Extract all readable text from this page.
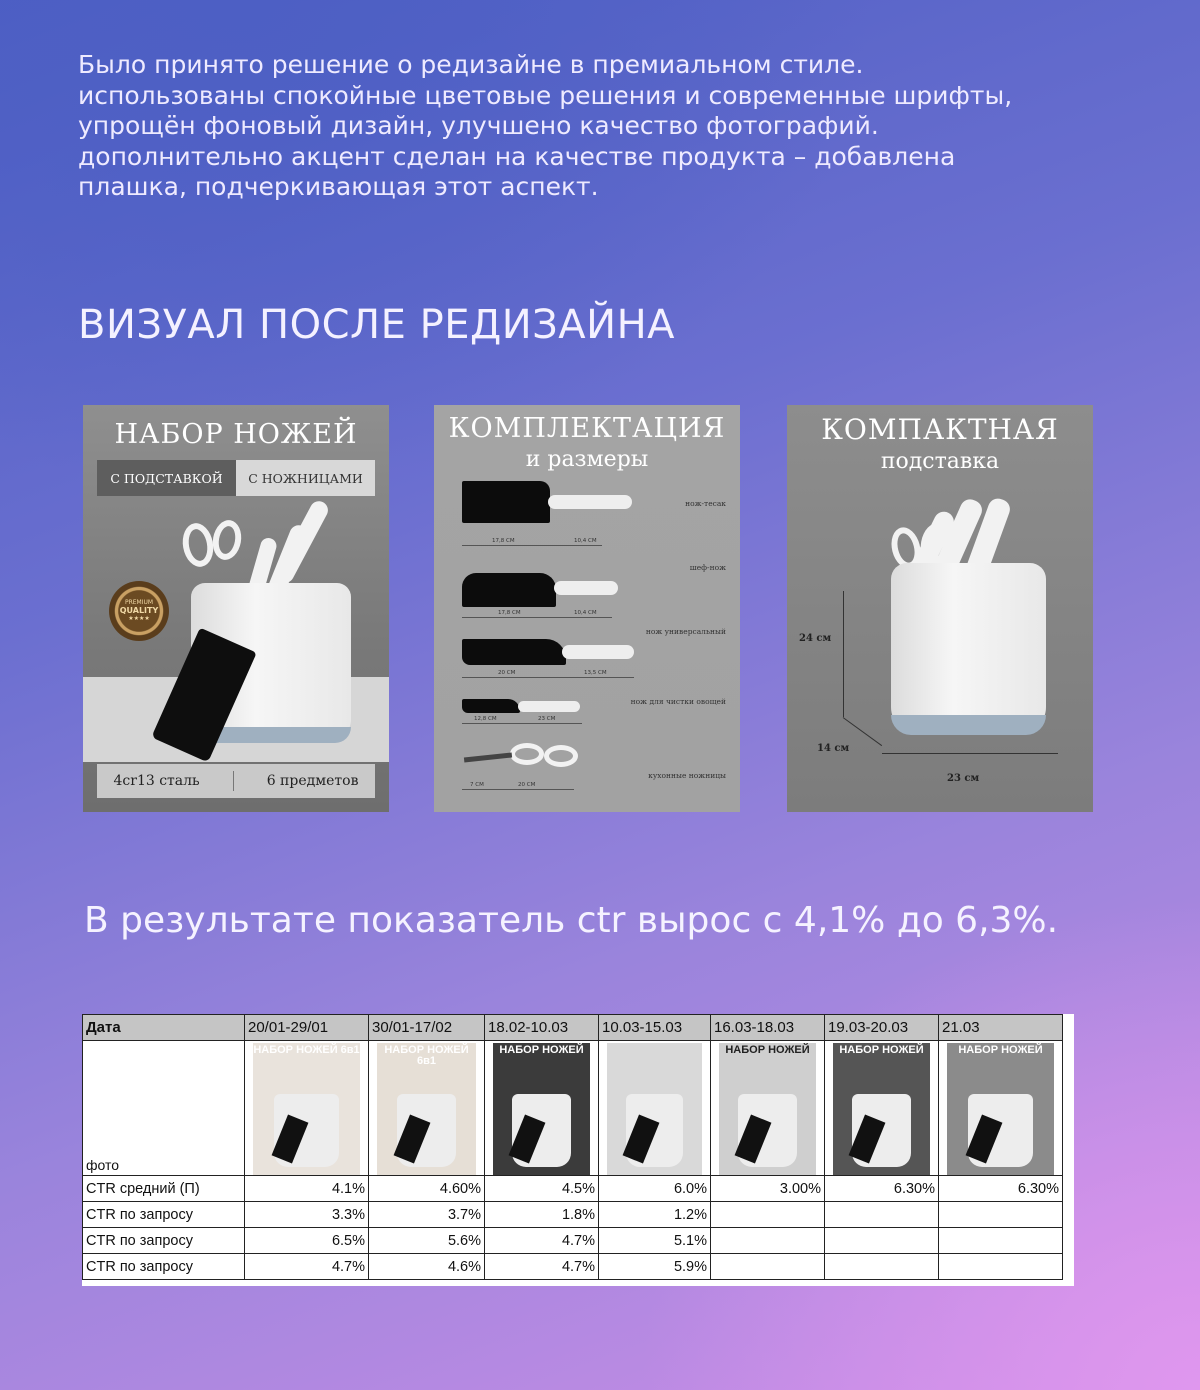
Было принято решение о редизайне в премиальном стиле.

использованы спокойные цветовые решения и современные шрифты,

упрощён фоновый дизайн, улучшено качество фотографий.

дополнительно акцент сделан на качестве продукта – добавлена

плашка, подчеркивающая этот аспект.

ВИЗУАЛ ПОСЛЕ РЕДИЗАЙНА
НАБОР НОЖЕЙ
С ПОДСТАВКОЙ	С НОЖНИЦАМИ
PREMIUM
QUALITY
★★★★
4cr13 сталь	6 предметов
КОМПЛЕКТАЦИЯ
и размеры
нож-тесак
17,8 СМ	10,4 СМ
шеф-нож
17,8 СМ	10,4 СМ
нож универсальный
20 СМ	13,5 СМ
нож для чистки овощей
12,8 СМ	23 СМ
кухонные ножницы
7 СМ	20 СМ
КОМПАКТНАЯ
подставка
24 см
14 см
23 см
В результате показатель ctr вырос с 4,1% до 6,3%.
Дата	20/01-29/01	30/01-17/02	18.02-10.03	10.03-15.03	16.03-18.03	19.03-20.03	21.03
фото	НАБОР НОЖЕЙ 6в1	НАБОР НОЖЕЙ 6в1	НАБОР НОЖЕЙ		НАБОР НОЖЕЙ	НАБОР НОЖЕЙ	НАБОР НОЖЕЙ

CTR средний (П)	4.1%	4.60%	4.5%	6.0%	3.00%	6.30%	6.30%
CTR по запросу	3.3%	3.7%	1.8%	1.2%			
CTR по запросу	6.5%	5.6%	4.7%	5.1%			
CTR по запросу	4.7%	4.6%	4.7%	5.9%			
